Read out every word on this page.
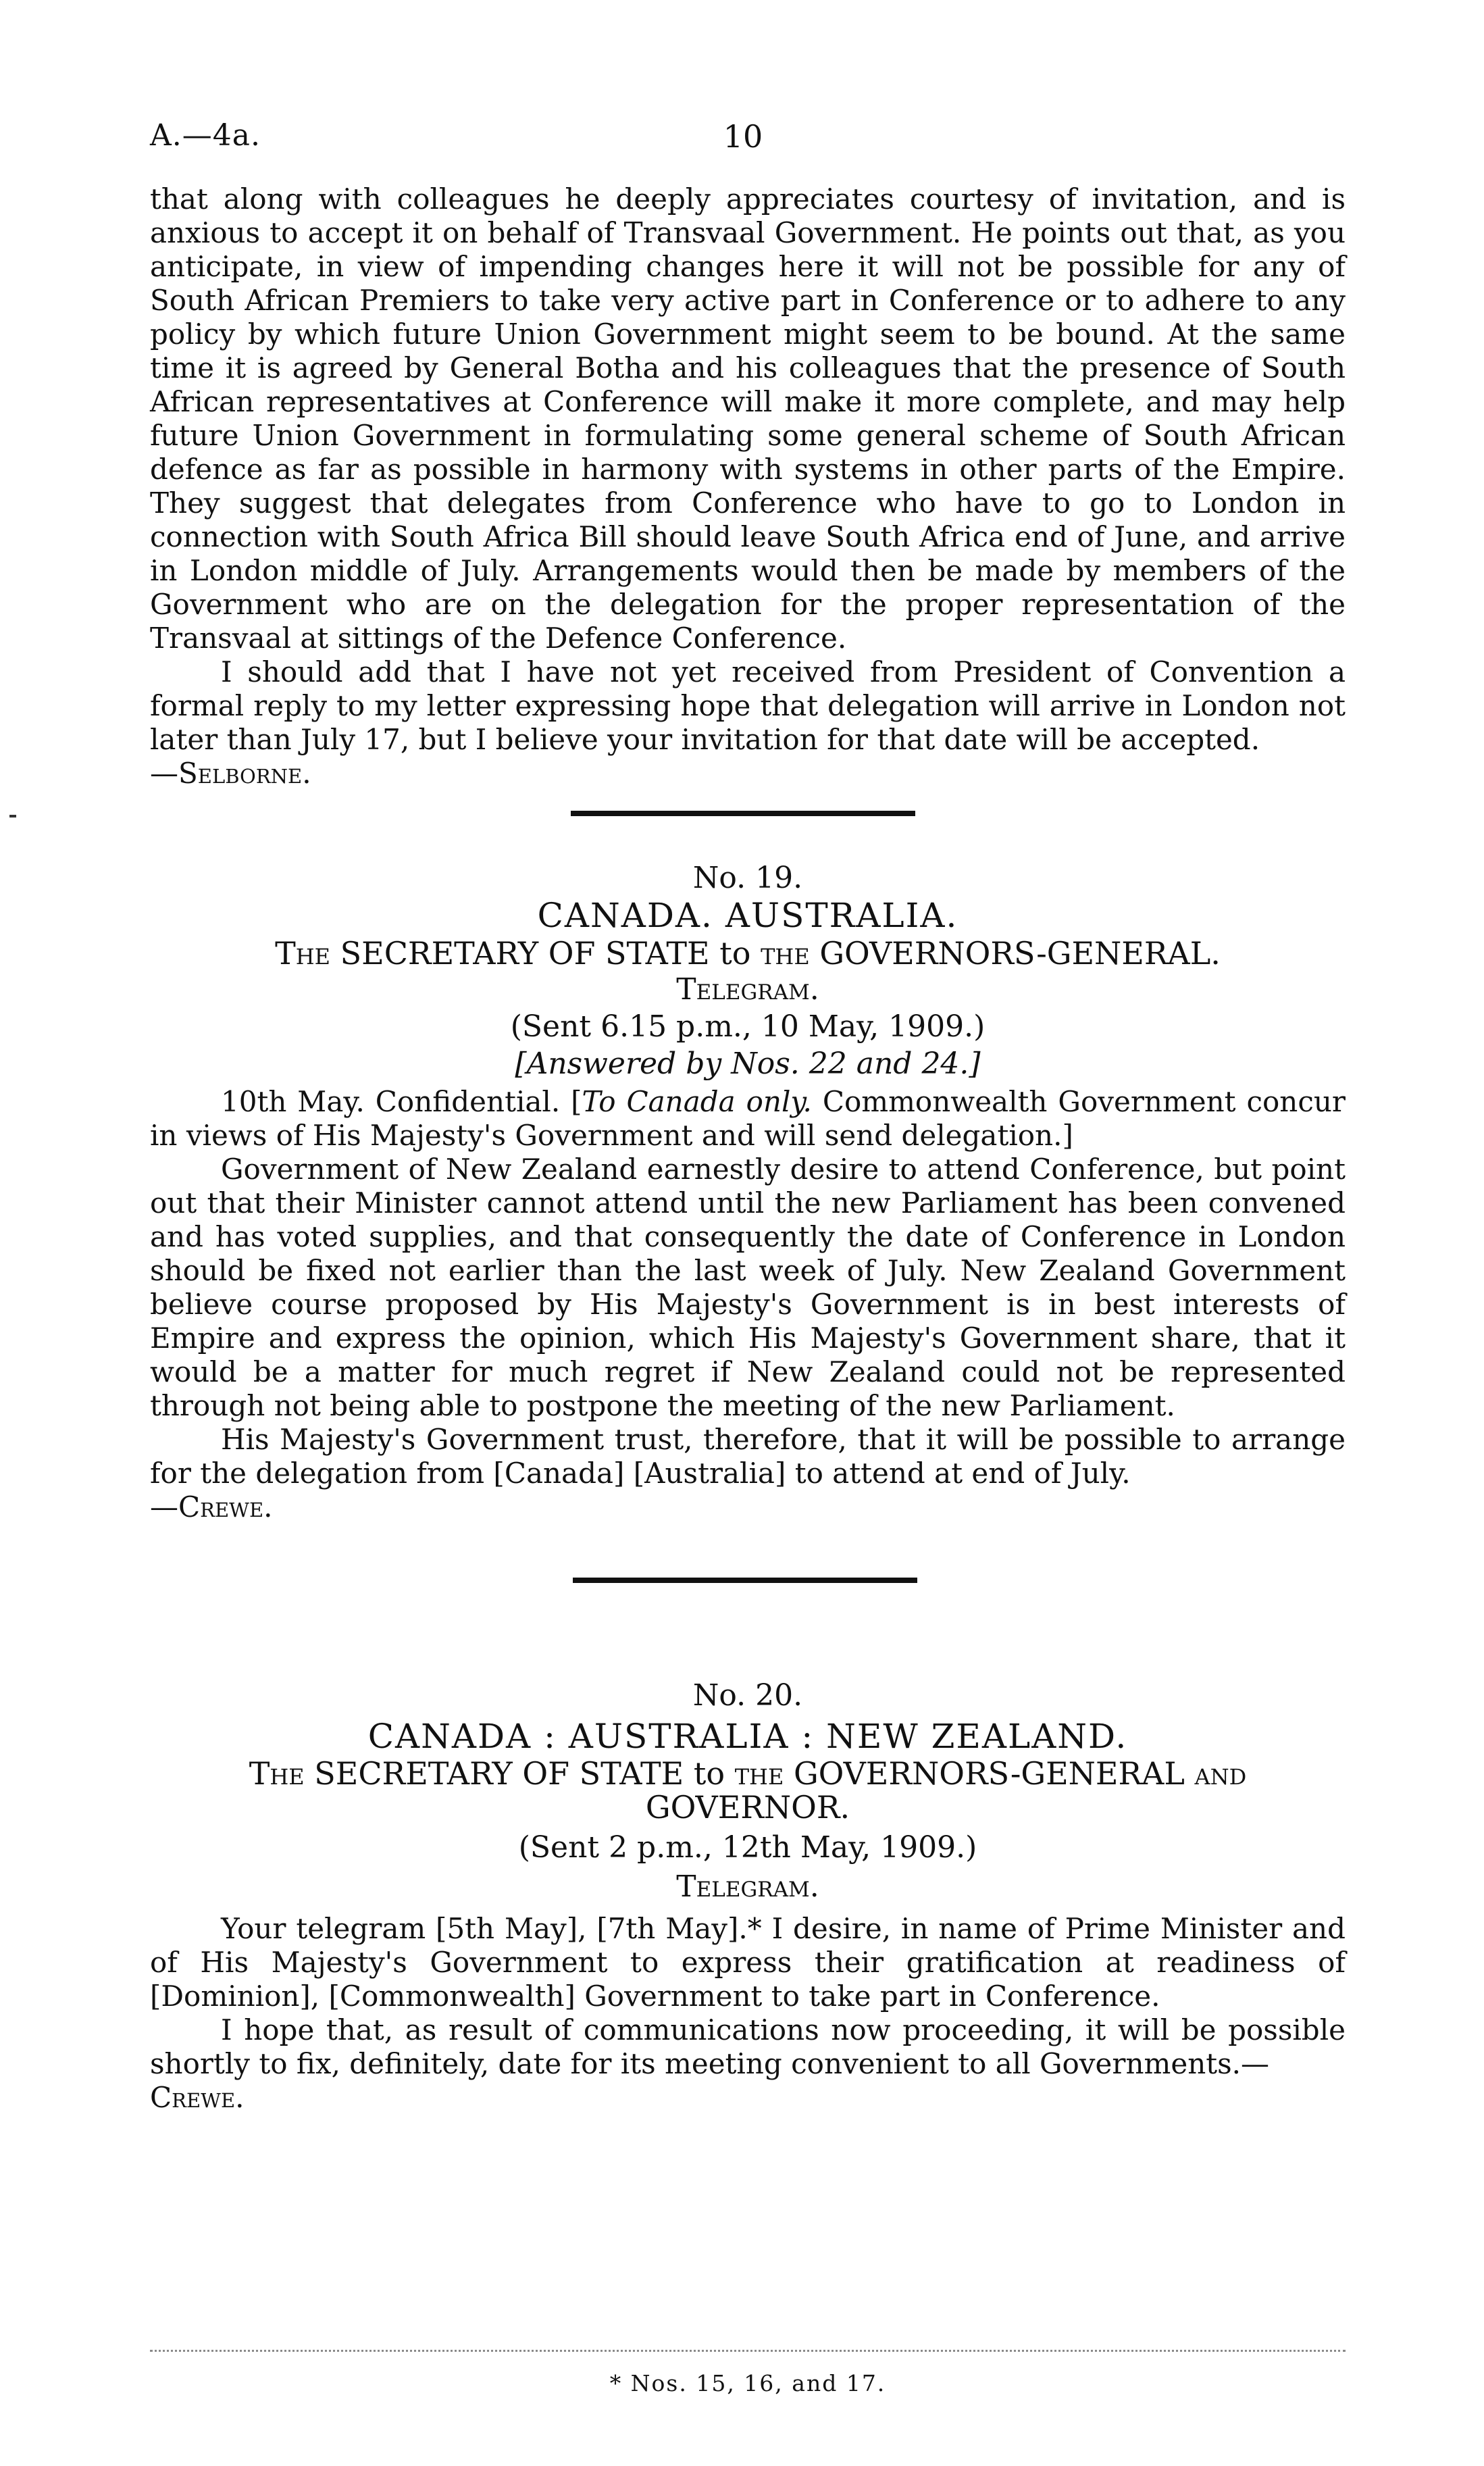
A.—4a.	10

that along with colleagues he deeply appreciates courtesy of invitation, and is anxious to accept it on behalf of Transvaal Government. He points out that, as you anticipate, in view of impending changes here it will not be possible for any of South African Premiers to take very active part in Conference or to adhere to any policy by which future Union Government might seem to be bound. At the same time it is agreed by General Botha and his colleagues that the presence of South African representatives at Conference will make it more complete, and may help future Union Government in formulating some general scheme of South African defence as far as possible in harmony with systems in other parts of the Empire. They suggest that delegates from Conference who have to go to London in connection with South Africa Bill should leave South Africa end of June, and arrive in London middle of July. Arrangements would then be made by members of the Government who are on the delegation for the proper representation of the Transvaal at sittings of the Defence Conference.

I should add that I have not yet received from President of Convention a formal reply to my letter expressing hope that delegation will arrive in London not later than July 17, but I believe your invitation for that date will be accepted.

—Selborne.

No. 19.
CANADA. AUSTRALIA.
The SECRETARY OF STATE to the GOVERNORS-GENERAL.
Telegram.
(Sent 6.15 p.m., 10 May, 1909.)
[Answered by Nos. 22 and 24.]

10th May. Confidential. [To Canada only. Commonwealth Government concur in views of His Majesty's Government and will send delegation.]

Government of New Zealand earnestly desire to attend Conference, but point out that their Minister cannot attend until the new Parliament has been convened and has voted supplies, and that consequently the date of Conference in London should be fixed not earlier than the last week of July. New Zealand Government believe course proposed by His Majesty's Government is in best interests of Empire and express the opinion, which His Majesty's Government share, that it would be a matter for much regret if New Zealand could not be represented through not being able to postpone the meeting of the new Parliament.

His Majesty's Government trust, therefore, that it will be possible to arrange for the delegation from [Canada] [Australia] to attend at end of July.

—Crewe.

No. 20.
CANADA : AUSTRALIA : NEW ZEALAND.
The SECRETARY OF STATE to the GOVERNORS-GENERAL and
GOVERNOR.
(Sent 2 p.m., 12th May, 1909.)
Telegram.

Your telegram [5th May], [7th May].* I desire, in name of Prime Minister and of His Majesty's Government to express their gratification at readiness of [Dominion], [Commonwealth] Government to take part in Conference.

I hope that, as result of communications now proceeding, it will be possible shortly to fix, definitely, date for its meeting convenient to all Governments.—

Crewe.

* Nos. 15, 16, and 17.
